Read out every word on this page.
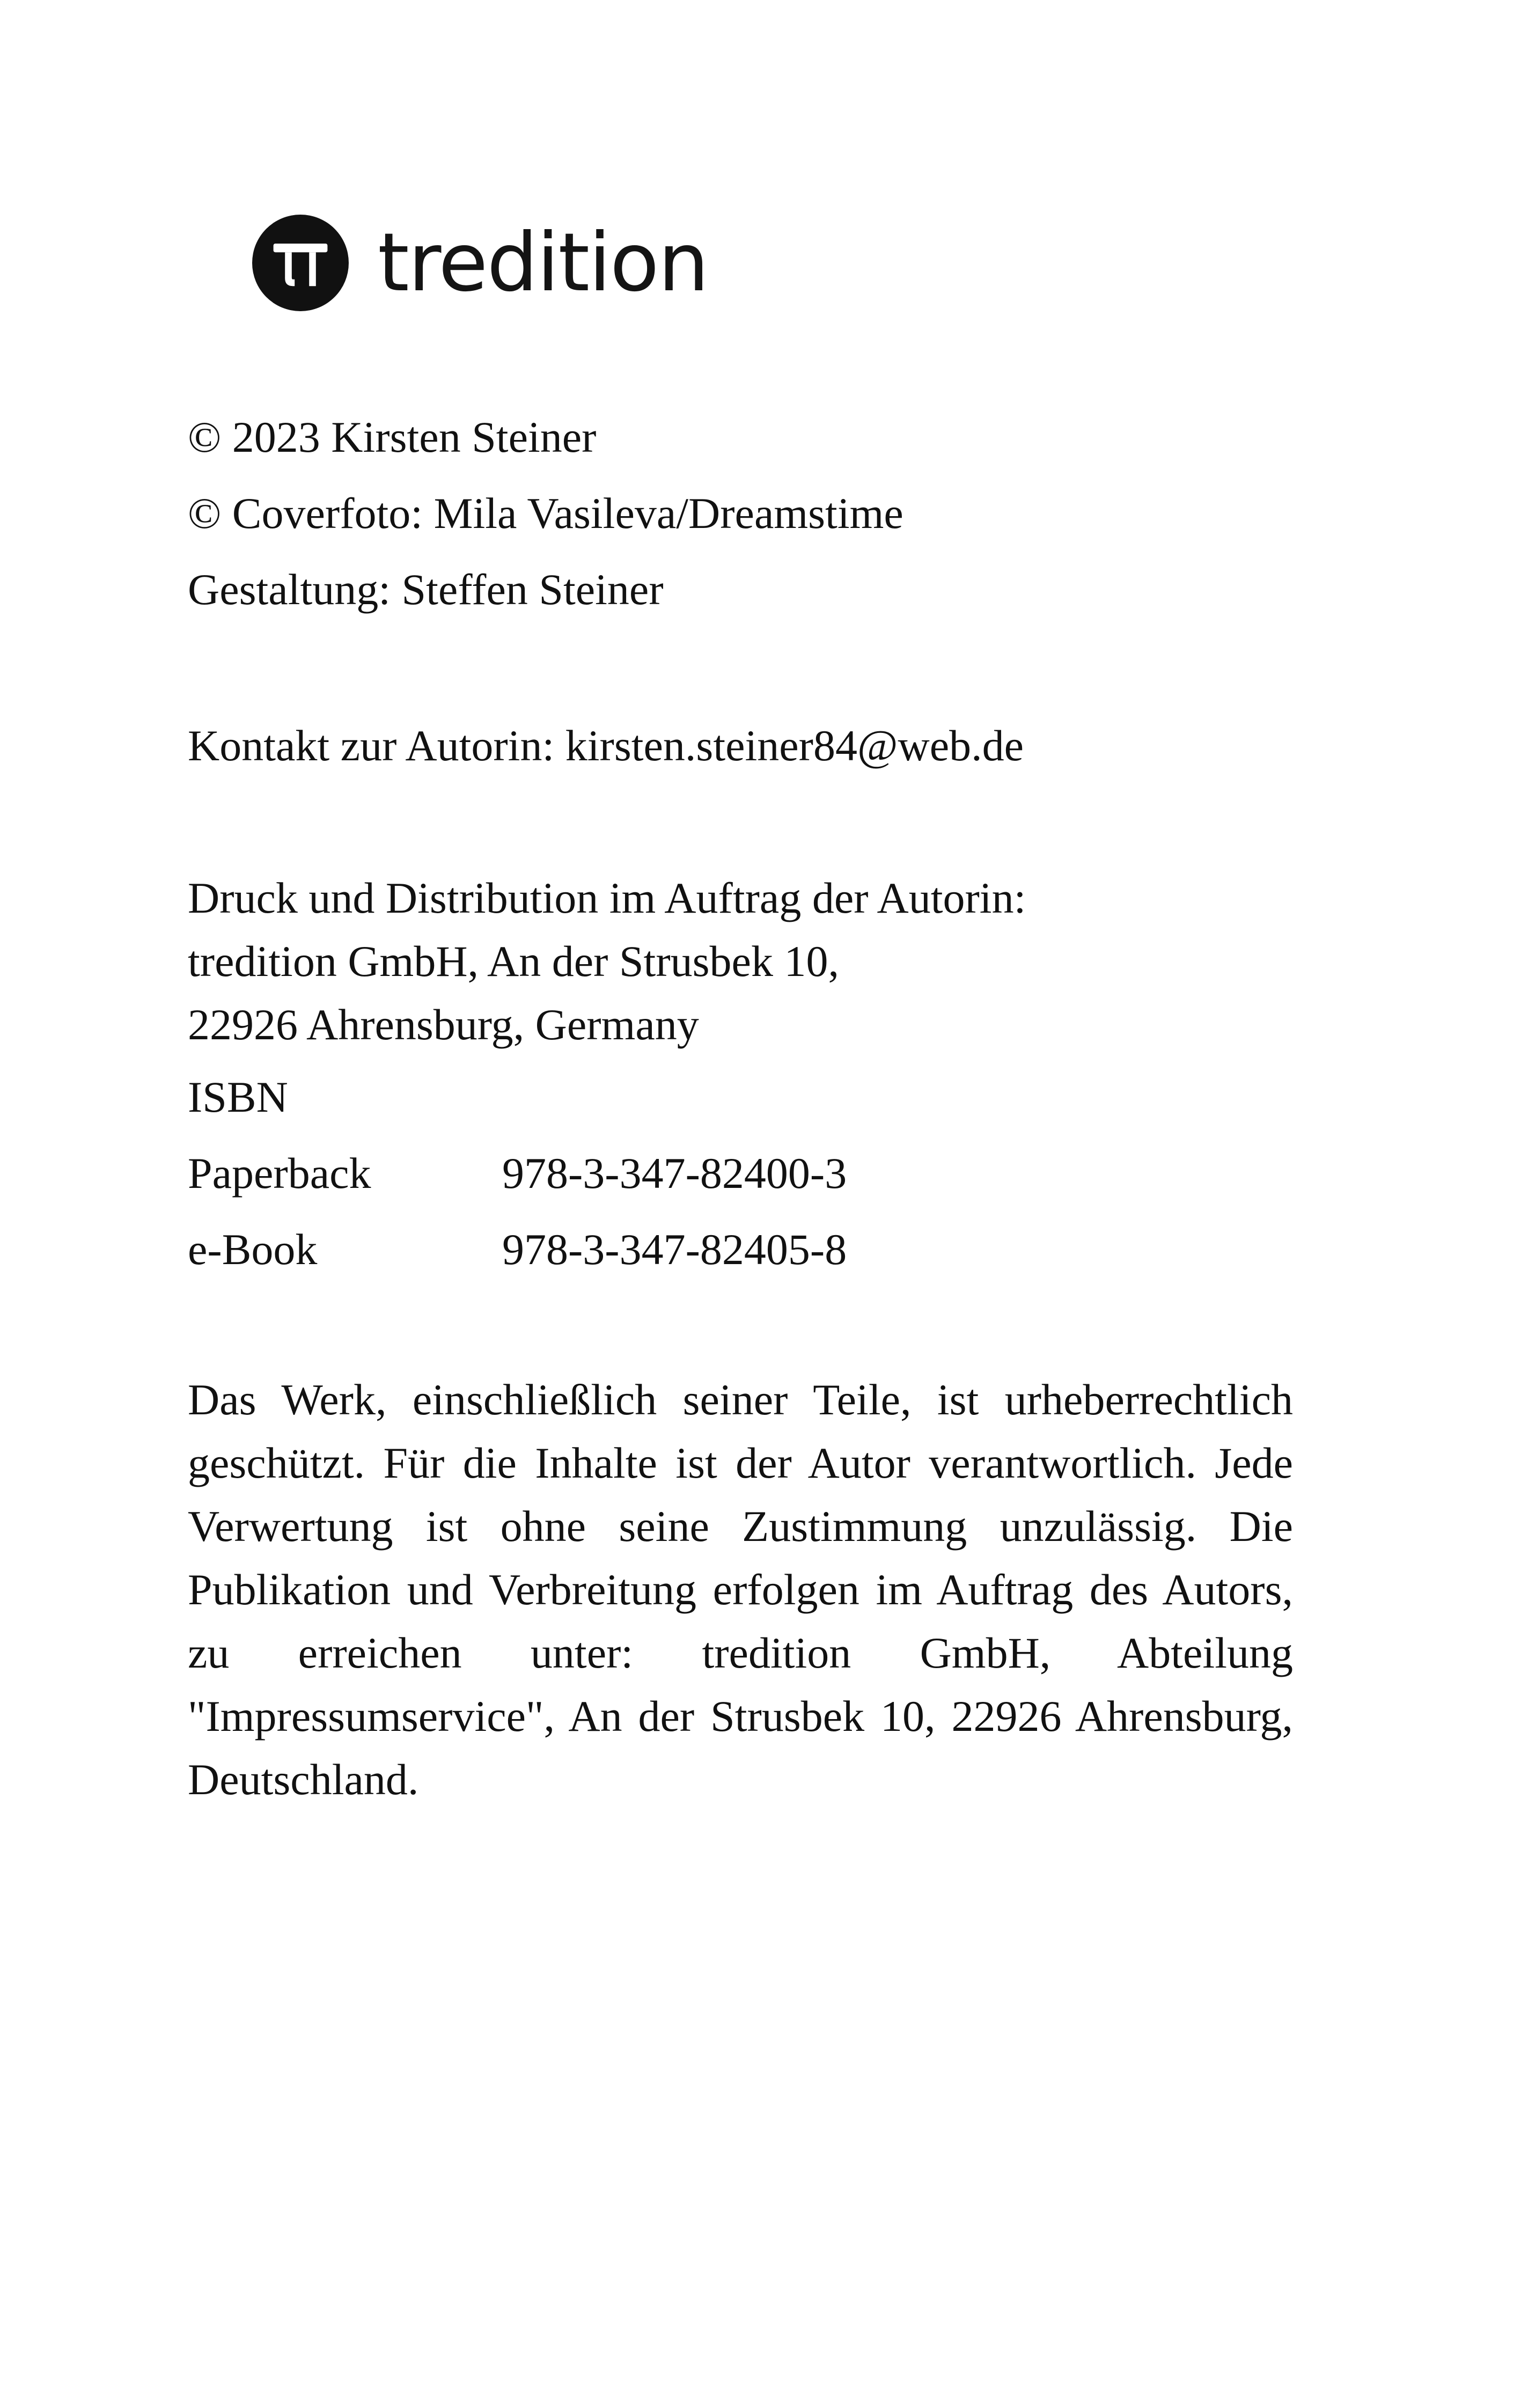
tredition
© 2023 Kirsten Steiner
© Coverfoto: Mila Vasileva/Dreamstime
Gestaltung: Steffen Steiner
Kontakt zur Autorin: kirsten.steiner84@web.de
Druck und Distribution im Auftrag der Autorin:
tredition GmbH, An der Strusbek 10,
22926 Ahrensburg, Germany
ISBN
Paperback	978-3-347-82400-3
e-Book	978-3-347-82405-8
Das Werk, einschließlich seiner Teile, ist urheberrechtlich geschützt. Für die Inhalte ist der Autor verantwortlich. Jede Verwertung ist ohne seine Zustimmung unzulässig. Die Publikation und Verbreitung erfolgen im Auftrag des Autors, zu erreichen unter: tredition GmbH, Abteilung "Impressumservice", An der Strusbek 10, 22926 Ahrensburg, Deutschland.
